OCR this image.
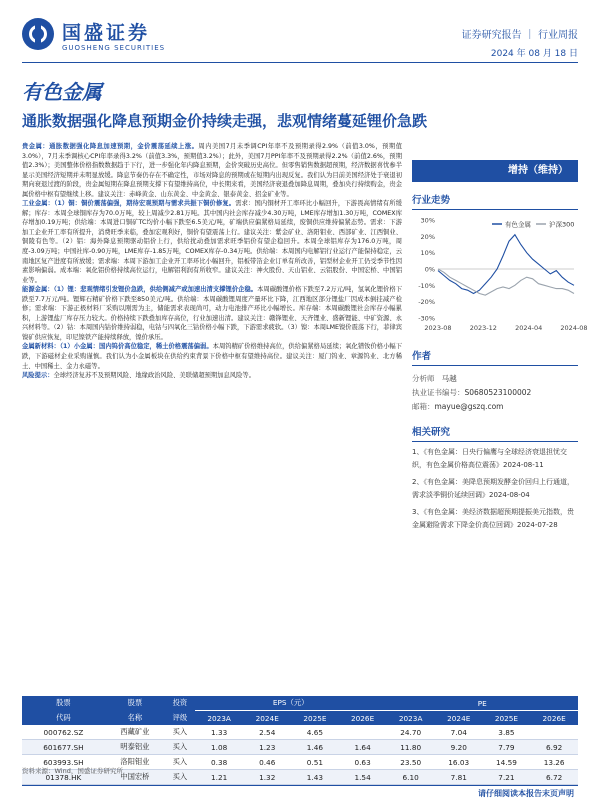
国盛证券
GUOSHENG SECURITIES
证券研究报告 ｜ 行业周报
2024 年 08 月 18 日
有色金属
通胀数据强化降息预期金价持续走强，悲观情绪蔓延锂价急跌

贵金属：通胀数据强化降息加速预期，金价震荡延续上涨。周内美国7月未季调CPI年率不及预期录得2.9%（前值3.0%，预期值3.0%），7月未季调核心CPI年率录得3.2%（前值3.3%，预期值3.2%）；此外，美国7月PPI年率不及预期录得2.2%（前值2.6%，预期值2.3%）；美国整体价格指数数据趋于下行，进一步强化年内降息预期，金价突破历史高位。但零售销售数据超预期，经济数据喜忧参半显示美国经济短期并未明显放缓。降息节奏仍存在不确定性，市场对降息的预期或在短期内出现反复。我们认为目前美国经济处于衰退初期向衰退过渡的阶段，贵金属短期在降息预期支撑下有望维持高位，中长期来看，美国经济衰退叠加降息周期，叠加央行持续购金，贵金属价格中枢有望继续上移。建议关注：赤峰黄金、山东黄金、中金黄金、银泰黄金、招金矿业等。

工业金属：（1）铜：铜价震荡偏强，期待宏观预期与需求共振下铜价修复。需求：国内铜材开工率环比小幅回升，下游畏高情绪有所缓解；库存：本周全球铜库存为70.0万吨，较上周减少2.81万吨。其中国内社会库存减少4.30万吨，LME库存增加1.30万吨，COMEX库存增加0.19万吨；供给端：本周进口铜矿TC均价小幅下跌至6.5美元/吨，矿端供应偏紧格局延续，废铜供应维持偏紧态势。需求：下游加工企业开工率有所提升，消费旺季来临，叠加宏观利好，铜价有望震荡上行。建议关注：紫金矿业、洛阳钼业、西部矿业、江西铜业、铜陵有色等。（2）铝：海外降息预期驱动铝价上行，供给扰动叠加需求旺季铝价有望企稳回升。本周全球铝库存为176.0万吨，周度-3.09万吨；中国社库-0.90万吨，LME库存-1.85万吨，COMEX库存-0.34万吨。供给端：本周国内电解铝行业运行产能保持稳定，云南地区复产进度有所放缓；需求端：本周下游加工企业开工率环比小幅回升，铝板带箔企业订单有所改善，铝型材企业开工仍受季节性因素影响偏弱。成本端：氧化铝价格持续高位运行，电解铝利润有所收窄。建议关注：神火股份、天山铝业、云铝股份、中国宏桥、中国铝业等。

能源金属：（1）锂：悲观情绪引发锂价急跌，供给侧减产或加速出清支撑锂价企稳。本周碳酸锂价格下跌至7.2万元/吨，氢氧化锂价格下跌至7.7万元/吨。锂辉石精矿价格下跌至850美元/吨。供给端：本周碳酸锂周度产量环比下降，江西地区部分锂盐厂因成本倒挂减产检修；需求端：下游正极材料厂采购以刚需为主，储能需求表现尚可，动力电池排产环比小幅增长。库存端：本周碳酸锂社会库存小幅累积，上游锂盐厂库存压力较大。价格持续下跌叠加库存高位，行业加速出清。建议关注：赣锋锂业、天齐锂业、盛新锂能、中矿资源、永兴材料等。（2）钴：本周国内钴价维持弱稳，电钴与四氧化三钴价格小幅下跌，下游需求疲软。（3）镍：本周LME镍价震荡下行，菲律宾镍矿供应恢复，印尼镍铁产能持续释放，镍价承压。

金属新材料：（1）小金属：国内钨价高位稳定，稀土价格震荡偏弱。本周钨精矿价格维持高位，供给偏紧格局延续；氧化镨钕价格小幅下跌，下游磁材企业采购谨慎。我们认为小金属板块在供给约束背景下价格中枢有望维持高位。建议关注：厦门钨业、章源钨业、北方稀土、中国稀土、金力永磁等。

风险提示：全球经济复苏不及预期风险、地缘政治风险、美联储超预期加息风险等。

增持（维持）
行业走势
30%
20%
10%
0%
-10%
-20%
-30%
2023-08	2023-12	2024-04	2024-08
有色金属	沪深300
作者
分析师 马越
执业证书编号：S0680523100002
邮箱：mayue@gszq.com
相关研究
1、《有色金属：日央行偏鹰与全球经济衰退担忧交织，有色金属价格高位震荡》2024-08-11
2、《有色金属：美降息预期发酵金价回归上行通道，需求淡季铜价延续回调》2024-08-04
3、《有色金属：美经济数据超预期提振美元指数，贵金属避险需求下降金价高位回调》2024-07-28
股票	股票	投资	EPS（元）				PE			
代码	名称	评级	2023A	2024E	2025E	2026E	2023A	2024E	2025E	2026E
000762.SZ	西藏矿业	买入	1.33	2.54	4.65		24.70	7.04	3.85	
601677.SH	明泰铝业	买入	1.08	1.23	1.46	1.64	11.80	9.20	7.79	6.92
603993.SH	洛阳钼业	买入	0.38	0.46	0.51	0.63	23.50	16.03	14.59	13.26
01378.HK	中国宏桥	买入	1.21	1.32	1.43	1.54	6.10	7.81	7.21	6.72
资料来源：Wind，国盛证券研究所
请仔细阅读本报告末页声明
